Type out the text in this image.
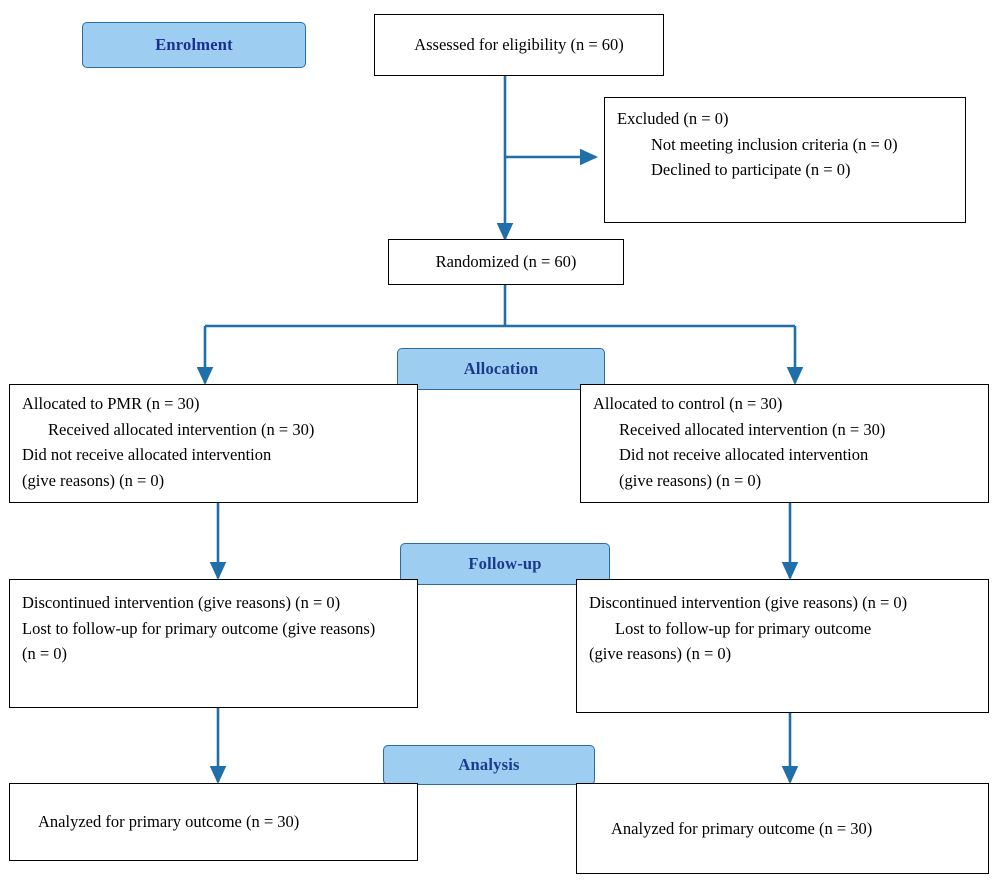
Enrolment
Allocation
Follow-up
Analysis
Assessed for eligibility (n = 60)
Excluded (n = 0)
Not meeting inclusion criteria (n = 0)
Declined to participate (n = 0)
Randomized (n = 60)
Allocated to PMR (n = 30)
Received allocated intervention (n = 30)
Did not receive allocated intervention
(give reasons) (n = 0)
Allocated to control (n = 30)
Received allocated intervention (n = 30)
Did not receive allocated intervention
(give reasons) (n = 0)
Discontinued intervention (give reasons) (n = 0)
Lost to follow-up for primary outcome (give reasons)
(n = 0)
Discontinued intervention (give reasons) (n = 0)
Lost to follow-up for primary outcome
(give reasons) (n = 0)
Analyzed for primary outcome (n = 30)	Analyzed for primary outcome (n = 30)
